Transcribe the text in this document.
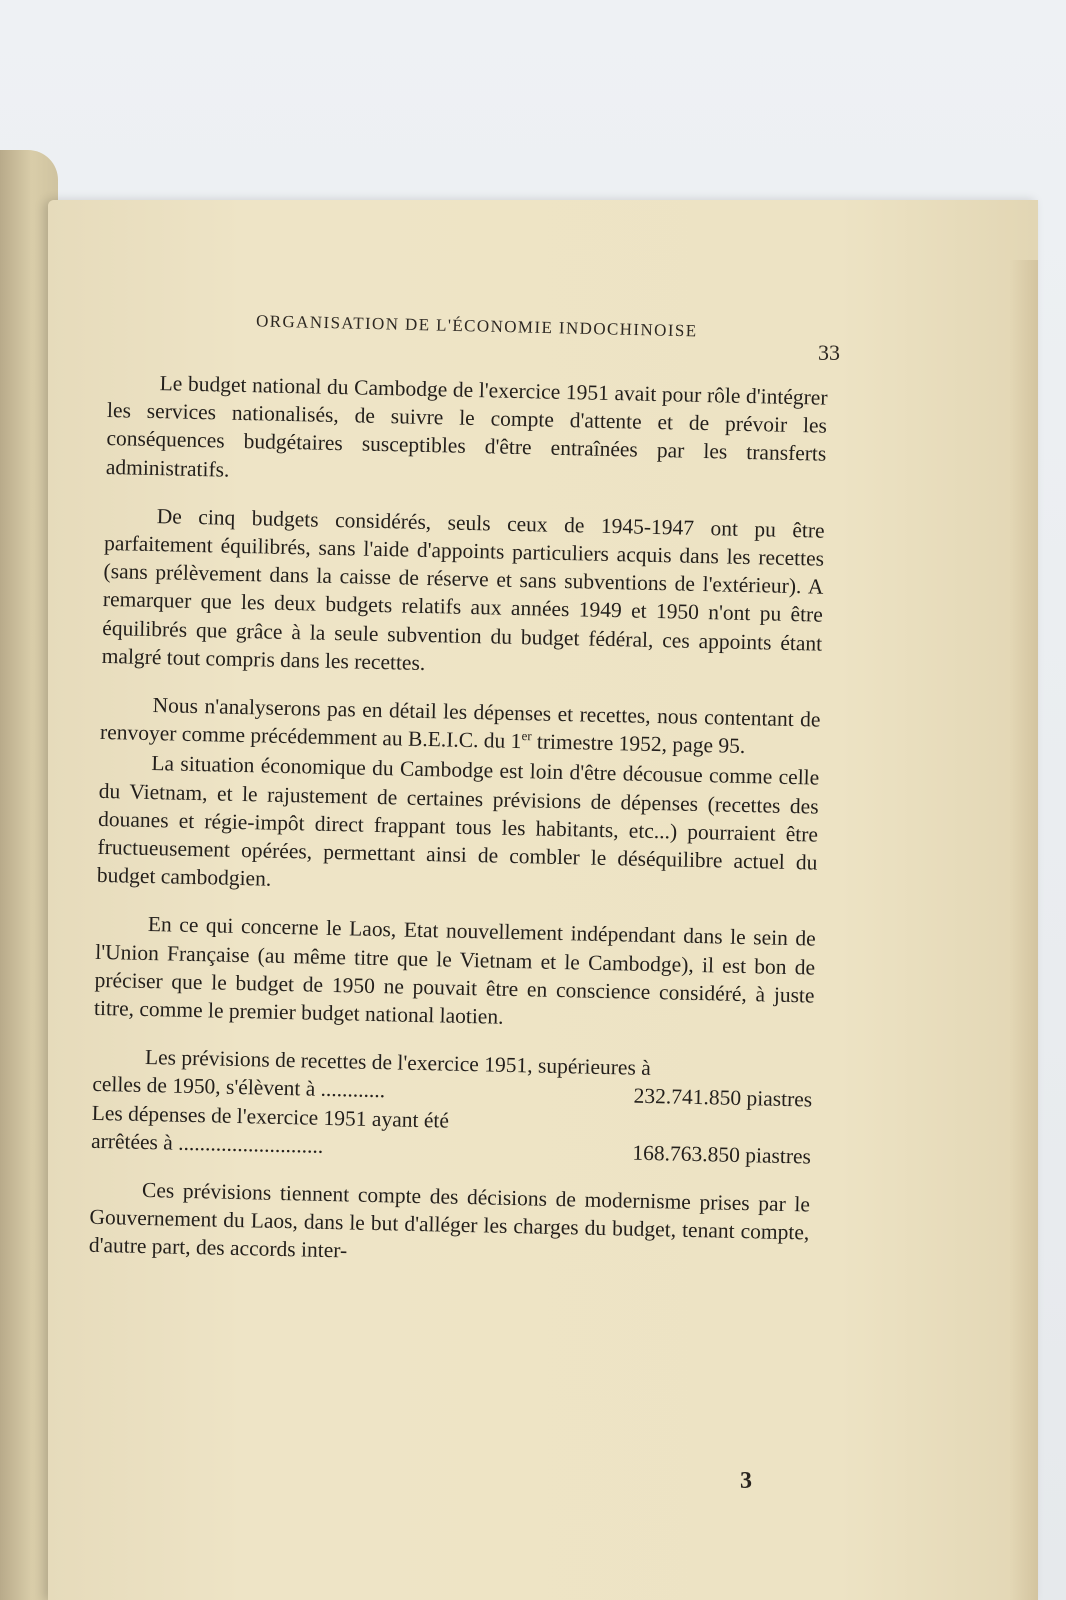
ORGANISATION DE L'ÉCONOMIE INDOCHINOISE
33

Le budget national du Cambodge de l'exercice 1951 avait pour rôle d'intégrer les services nationalisés, de suivre le compte d'attente et de prévoir les conséquences budgétaires susceptibles d'être entraînées par les transferts administratifs.

De cinq budgets considérés, seuls ceux de 1945-1947 ont pu être parfaitement équilibrés, sans l'aide d'appoints particuliers acquis dans les recettes (sans prélèvement dans la caisse de réserve et sans subventions de l'extérieur). A remarquer que les deux budgets relatifs aux années 1949 et 1950 n'ont pu être équilibrés que grâce à la seule subvention du budget fédéral, ces appoints étant malgré tout compris dans les recettes.

Nous n'analyserons pas en détail les dépenses et recettes, nous contentant de renvoyer comme précédemment au B.E.I.C. du 1er trimestre 1952, page 95.

La situation économique du Cambodge est loin d'être décousue comme celle du Vietnam, et le rajustement de certaines prévisions de dépenses (recettes des douanes et régie-impôt direct frappant tous les habitants, etc...) pourraient être fructueusement opérées, permettant ainsi de combler le déséquilibre actuel du budget cambodgien.

En ce qui concerne le Laos, Etat nouvellement indépendant dans le sein de l'Union Française (au même titre que le Vietnam et le Cambodge), il est bon de préciser que le budget de 1950 ne pouvait être en conscience considéré, à juste titre, comme le premier budget national laotien.

Les prévisions de recettes de l'exercice 1951, supérieures à
celles de 1950, s'élèvent à ............	232.741.850 piastres
Les dépenses de l'exercice 1951 ayant été
arrêtées à ...........................	168.763.850 piastres

Ces prévisions tiennent compte des décisions de modernisme prises par le Gouvernement du Laos, dans le but d'alléger les charges du budget, tenant compte, d'autre part, des accords inter-

3
